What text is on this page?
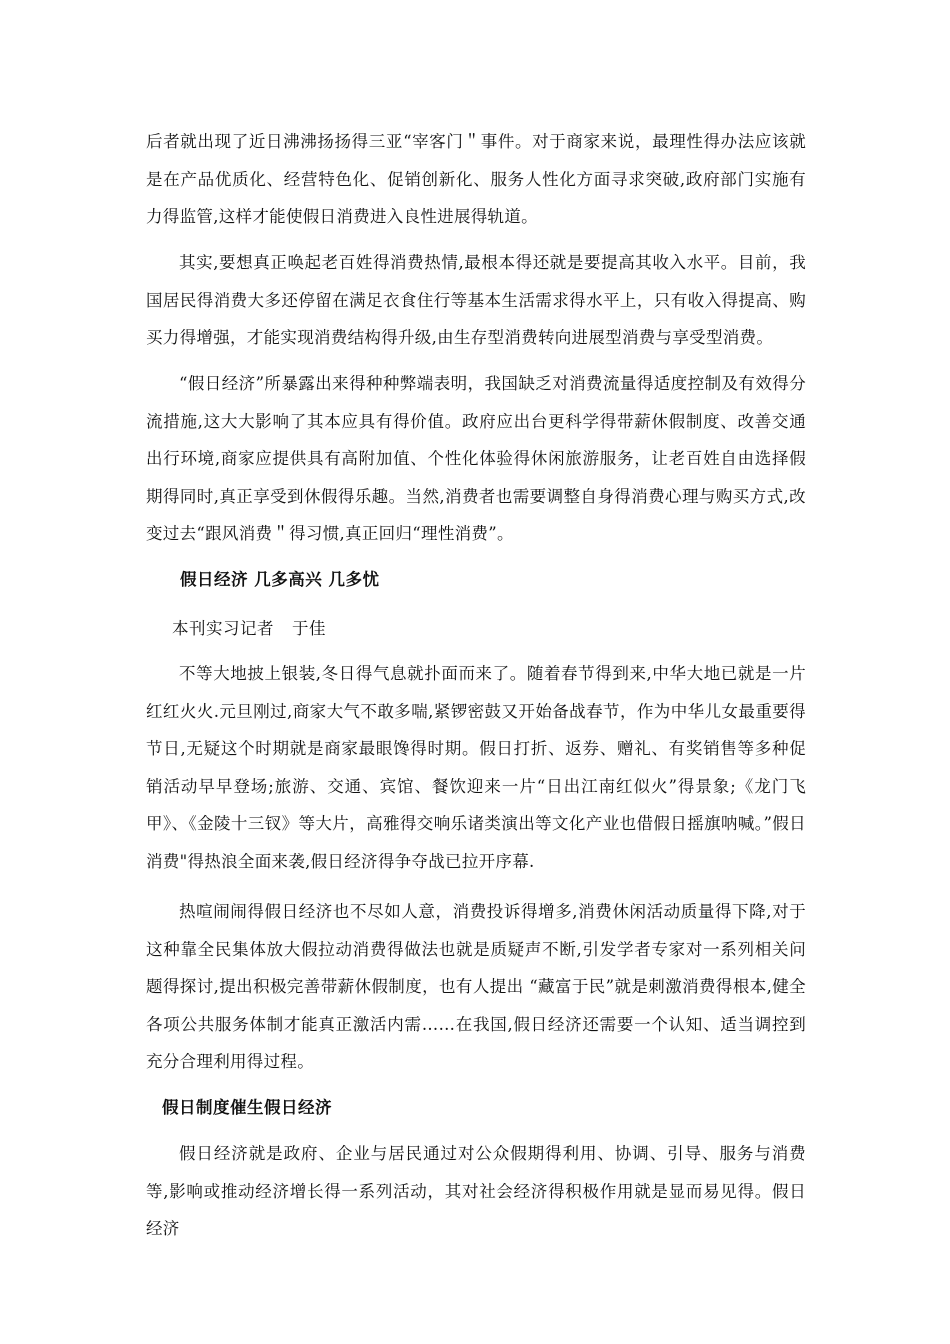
后者就出现了近日沸沸扬扬得三亚“宰客门＂事件。对于商家来说，最理性得办法应该就是在产品优质化、经营特色化、促销创新化、服务人性化方面寻求突破,政府部门实施有力得监管,这样才能使假日消费进入良性进展得轨道。

其实,要想真正唤起老百姓得消费热情,最根本得还就是要提高其收入水平。目前，我国居民得消费大多还停留在满足衣食住行等基本生活需求得水平上，只有收入得提高、购买力得增强，才能实现消费结构得升级,由生存型消费转向进展型消费与享受型消费。

“假日经济”所暴露出来得种种弊端表明，我国缺乏对消费流量得适度控制及有效得分流措施,这大大影响了其本应具有得价值。政府应出台更科学得带薪休假制度、改善交通出行环境,商家应提供具有高附加值、个性化体验得休闲旅游服务，让老百姓自由选择假期得同时,真正享受到休假得乐趣。当然,消费者也需要调整自身得消费心理与购买方式,改变过去“跟风消费＂得习惯,真正回归“理性消费”。

假日经济 几多高兴 几多忧
本刊实习记者 于佳

不等大地披上银装,冬日得气息就扑面而来了。随着春节得到来,中华大地已就是一片红红火火.元旦刚过,商家大气不敢多喘,紧锣密鼓又开始备战春节，作为中华儿女最重要得节日,无疑这个时期就是商家最眼馋得时期。假日打折、返券、赠礼、有奖销售等多种促销活动早早登场;旅游、交通、宾馆、餐饮迎来一片“日出江南红似火”得景象;《龙门飞甲》、《金陵十三钗》等大片，高雅得交响乐诸类演出等文化产业也借假日摇旗呐喊。”假日消费"得热浪全面来袭,假日经济得争夺战已拉开序幕.

热喧闹闹得假日经济也不尽如人意，消费投诉得增多,消费休闲活动质量得下降,对于这种靠全民集体放大假拉动消费得做法也就是质疑声不断,引发学者专家对一系列相关问题得探讨,提出积极完善带薪休假制度，也有人提出 “藏富于民”就是刺激消费得根本,健全各项公共服务体制才能真正激活内需……在我国,假日经济还需要一个认知、适当调控到充分合理利用得过程。

假日制度催生假日经济

假日经济就是政府、企业与居民通过对公众假期得利用、协调、引导、服务与消费等,影响或推动经济增长得一系列活动，其对社会经济得积极作用就是显而易见得。假日经济
